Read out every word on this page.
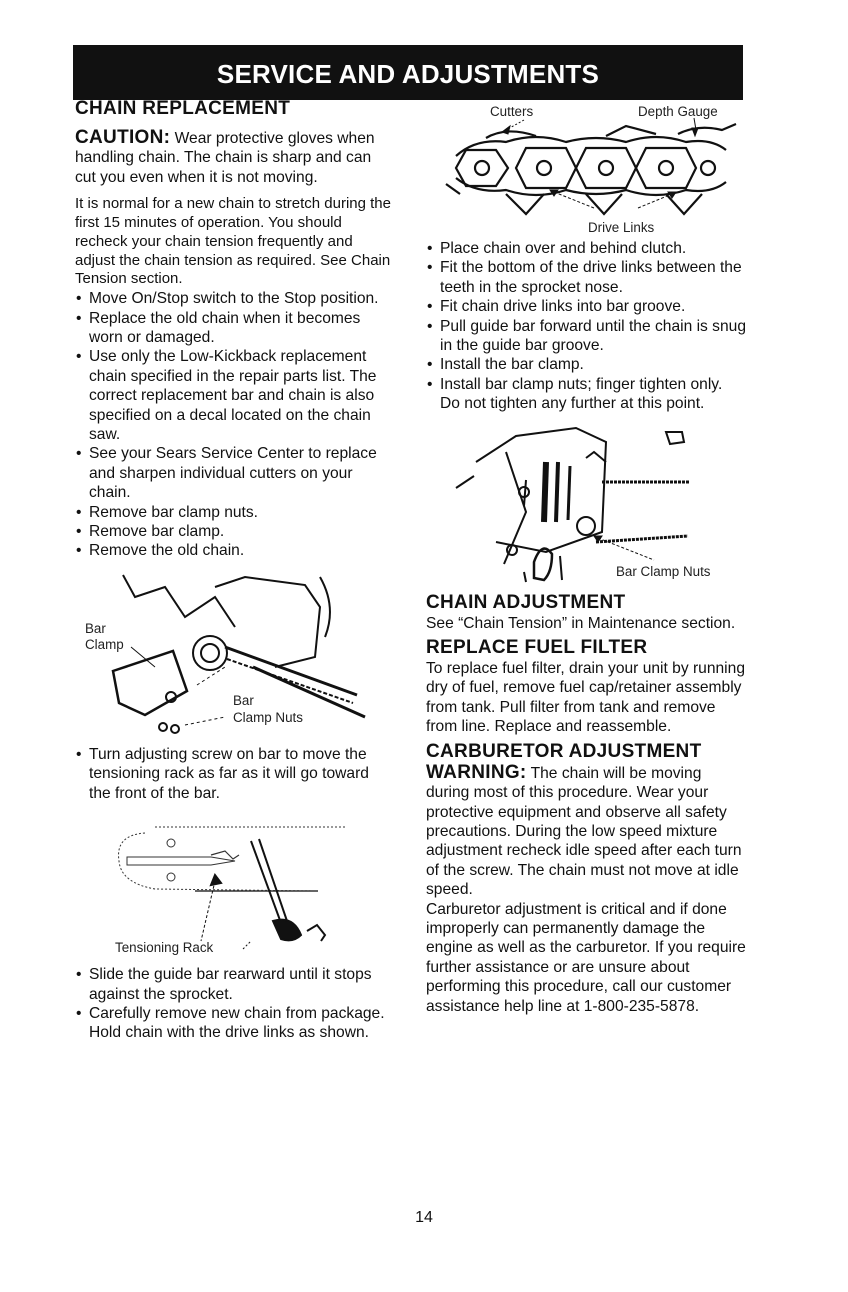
SERVICE AND ADJUSTMENTS
CHAIN REPLACEMENT

CAUTION: Wear protective gloves when handling chain. The chain is sharp and can cut you even when it is not moving.

It is normal for a new chain to stretch during the first 15 minutes of operation. You should recheck your chain tension frequently and adjust the chain tension as required. See Chain Tension section.

• Move On/Stop switch to the Stop position.
• Replace the old chain when it becomes worn or damaged.
• Use only the Low-Kickback replacement chain specified in the repair parts list. The correct replacement bar and chain is also specified on a decal located on the chain saw.
• See your Sears Service Center to replace and sharpen individual cutters on your chain.
• Remove bar clamp nuts.
• Remove bar clamp.
• Remove the old chain.
Bar
Clamp
Bar
Clamp Nuts
• Turn adjusting screw on bar to move the tensioning rack as far as it will go toward the front of the bar.
Tensioning Rack
• Slide the guide bar rearward until it stops against the sprocket.
• Carefully remove new chain from package. Hold chain with the drive links as shown.
Cutters	Depth Gauge
Drive Links
• Place chain over and behind clutch.
• Fit the bottom of the drive links between the teeth in the sprocket nose.
• Fit chain drive links into bar groove.
• Pull guide bar forward until the chain is snug in the guide bar groove.
• Install the bar clamp.
• Install bar clamp nuts; finger tighten only. Do not tighten any further at this point.
Bar Clamp Nuts
CHAIN ADJUSTMENT

See “Chain Tension” in Maintenance section.

REPLACE FUEL FILTER

To replace fuel filter, drain your unit by running dry of fuel, remove fuel cap/retainer assembly from tank. Pull filter from tank and remove from line. Replace and reassemble.

CARBURETOR ADJUSTMENT

WARNING: The chain will be moving during most of this procedure. Wear your protective equipment and observe all safety precautions. During the low speed mixture adjustment recheck idle speed after each turn of the screw. The chain must not move at idle speed.

Carburetor adjustment is critical and if done improperly can permanently damage the engine as well as the carburetor. If you require further assistance or are unsure about performing this procedure, call our customer assistance help line at 1-800-235-5878.

14
